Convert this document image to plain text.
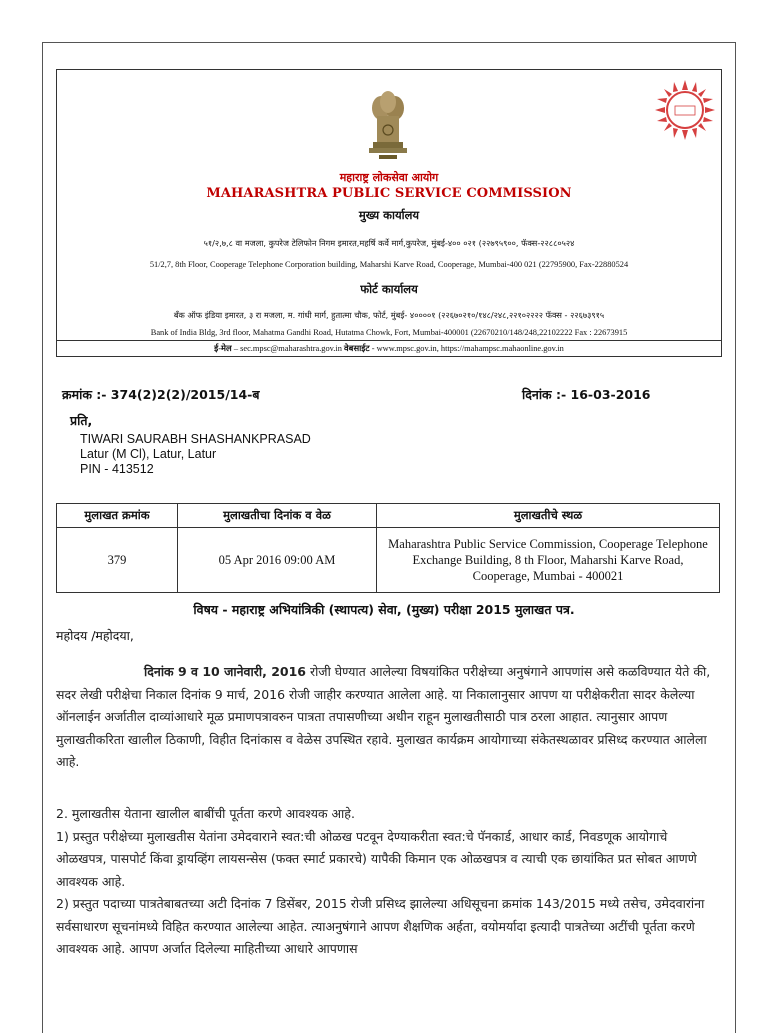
महाराष्ट्र लोकसेवा आयोग
MAHARASHTRA PUBLIC SERVICE COMMISSION
मुख्य कार्यालय
५१/२,७,८ वा मजला, कुपरेज टेलिफोन निगम इमारत,महर्षि कर्वे मार्ग,कुपरेज, मुंबई-४०० ०२१ (२२७९५९००, फॅक्स-२२८८०५२४
51/2,7, 8th Floor, Cooperage Telephone Corporation building, Maharshi Karve Road, Cooperage, Mumbai-400 021 (22795900, Fax-22880524
फोर्ट कार्यालय
बँक ऑफ इंडिया इमारत, ३ रा मजला, म. गांधी मार्ग, हुतात्मा चौक, फोर्ट, मुंबई- ४००००१ (२२६७०२१०/१४८/२४८,२२१०२२२२ फॅक्स - २२६७३९१५
Bank of India Bldg, 3rd floor, Mahatma Gandhi Road, Hutatma Chowk, Fort, Mumbai-400001 (22670210/148/248,22102222 Fax : 22673915
ई-मेल – sec.mpsc@maharashtra.gov.in वेबसाईट - www.mpsc.gov.in, https://mahampsc.mahaonline.gov.in
क्रमांक :- 374(2)2(2)/2015/14-ब	दिनांक :- 16-03-2016
प्रति,
TIWARI SAURABH SHASHANKPRASAD
Latur (M Cl), Latur, Latur
PIN - 413512
मुलाखत क्रमांक	मुलाखतीचा दिनांक व वेळ	मुलाखतीचे स्थळ
379	05 Apr 2016 09:00 AM	Maharashtra Public Service Commission, Cooperage Telephone Exchange Building, 8 th Floor, Maharshi Karve Road, Cooperage, Mumbai - 400021
विषय - महाराष्ट्र अभियांत्रिकी (स्थापत्य) सेवा, (मुख्य) परीक्षा 2015 मुलाखत पत्र.
महोदय /महोदया,
दिनांक 9 व 10 जानेवारी, 2016 रोजी घेण्यात आलेल्या विषयांकित परीक्षेच्या अनुषंगाने आपणांस असे कळविण्यात येते की, सदर लेखी परीक्षेचा निकाल दिनांक 9 मार्च, 2016 रोजी जाहीर करण्यात आलेला आहे. या निकालानुसार आपण या परीक्षेकरीता सादर केलेल्या ऑनलाईन अर्जातील दाव्यांआधारे मूळ प्रमाणपत्रावरुन पात्रता तपासणीच्या अधीन राहून मुलाखतीसाठी पात्र ठरला आहात. त्यानुसार आपण मुलाखतीकरिता खालील ठिकाणी, विहीत दिनांकास व वेळेस उपस्थित रहावे. मुलाखत कार्यक्रम आयोगाच्या संकेतस्थळावर प्रसिध्द करण्यात आलेला आहे.
2. मुलाखतीस येताना खालील बाबींची पूर्तता करणे आवश्यक आहे.
1) प्रस्तुत परीक्षेच्या मुलाखतीस येतांना उमेदवाराने स्वत:ची ओळख पटवून देण्याकरीता स्वत:चे पॅनकार्ड, आधार कार्ड, निवडणूक आयोगाचे ओळखपत्र, पासपोर्ट किंवा ड्रायव्हिंग लायसन्सेस (फक्त स्मार्ट प्रकारचे) यापैकी किमान एक ओळखपत्र व त्याची एक छायांकित प्रत सोबत आणणे आवश्यक आहे.
2) प्रस्तुत पदाच्या पात्रतेबाबतच्या अटी दिनांक 7 डिसेंबर, 2015 रोजी प्रसिध्द झालेल्या अधिसूचना क्रमांक 143/2015 मध्ये तसेच, उमेदवारांना सर्वसाधारण सूचनांमध्ये विहित करण्यात आलेल्या आहेत. त्याअनुषंगाने आपण शैक्षणिक अर्हता, वयोमर्यादा इत्यादी पात्रतेच्या अटींची पूर्तता करणे आवश्यक आहे. आपण अर्जात दिलेल्या माहितीच्या आधारे आपणास
